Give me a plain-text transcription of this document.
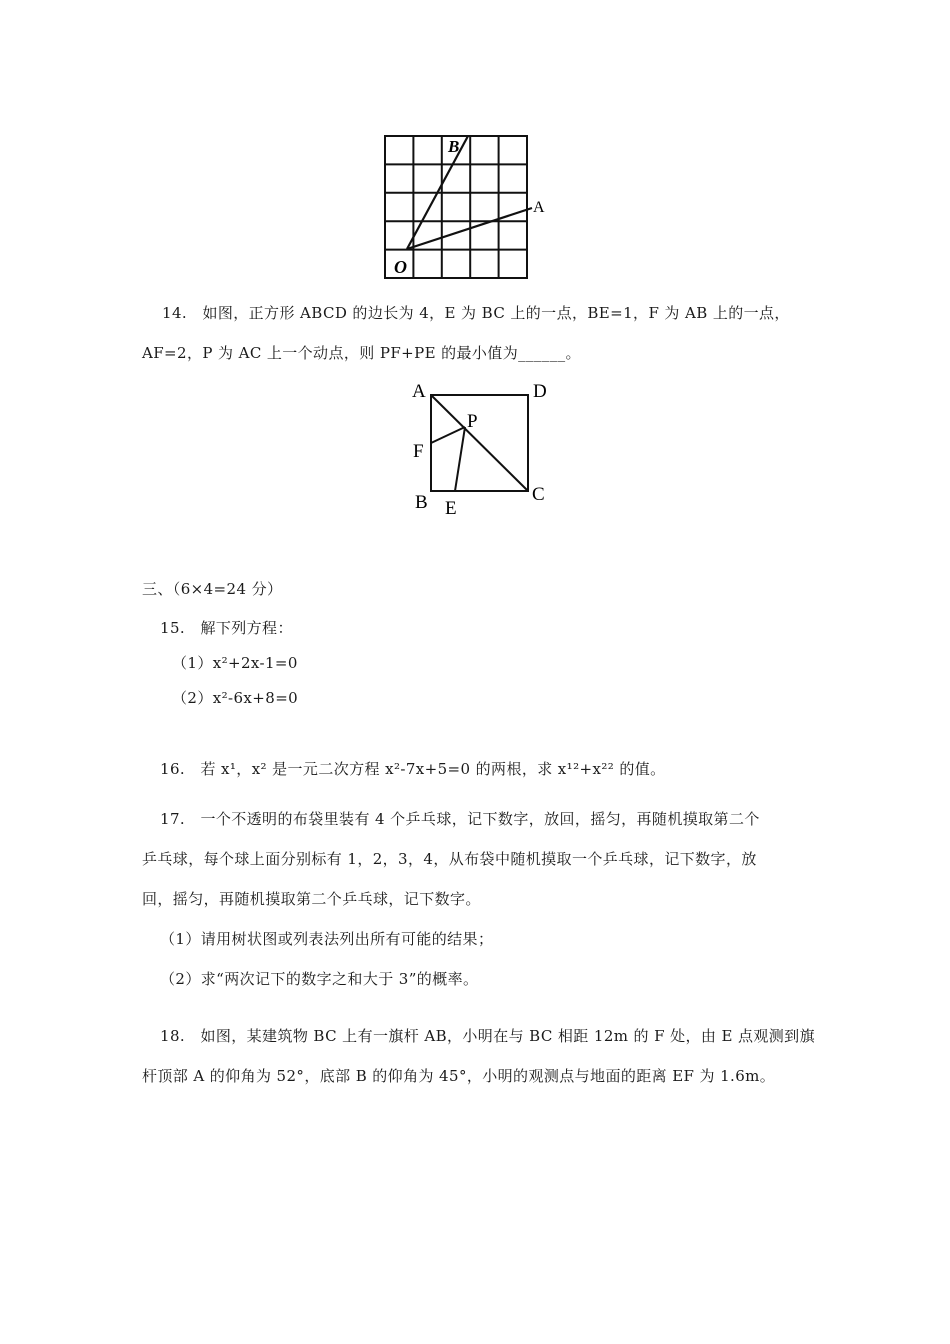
B
A
O
14.　如图，正方形 ABCD 的边长为 4，E 为 BC 上的一点，BE=1，F 为 AB 上的一点，
AF=2，P 为 AC 上一个动点，则 PF+PE 的最小值为______。
A	D
P
F
B E
C
三、（6×4=24 分）
15.　解下列方程：
（1）x²+2x-1=0
（2）x²-6x+8=0
16.　若 x¹，x² 是一元二次方程 x²-7x+5=0 的两根，求 x¹²+x²² 的值。
17.　一个不透明的布袋里装有 4 个乒乓球，记下数字，放回，摇匀，再随机摸取第二个
乒乓球，每个球上面分别标有 1，2，3，4，从布袋中随机摸取一个乒乓球，记下数字，放
回，摇匀，再随机摸取第二个乒乓球，记下数字。
（1）请用树状图或列表法列出所有可能的结果；
（2）求“两次记下的数字之和大于 3”的概率。
18.　如图，某建筑物 BC 上有一旗杆 AB，小明在与 BC 相距 12m 的 F 处，由 E 点观测到旗
杆顶部 A 的仰角为 52°，底部 B 的仰角为 45°，小明的观测点与地面的距离 EF 为 1.6m。
